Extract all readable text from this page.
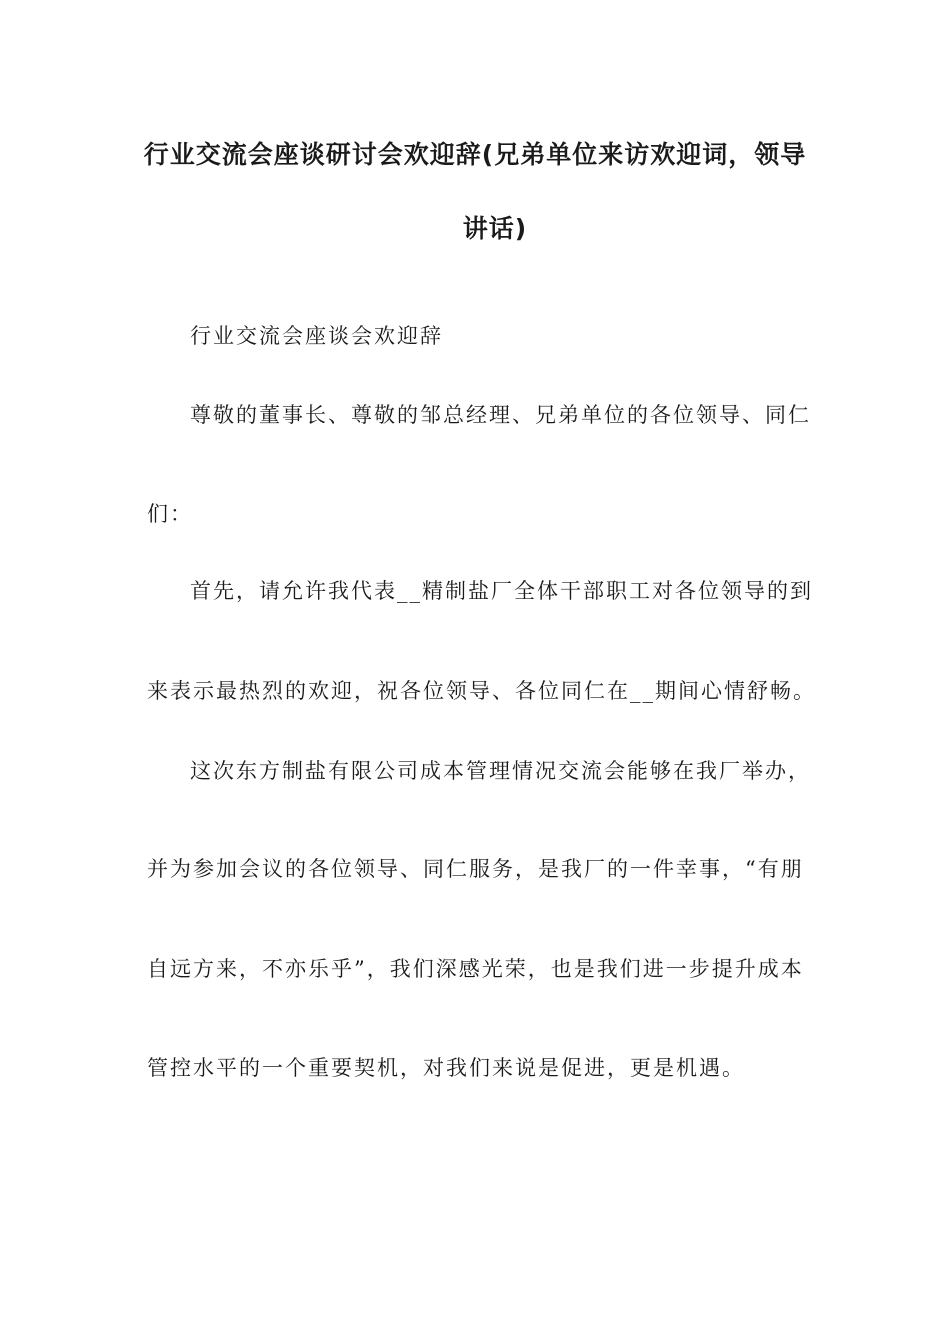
行业交流会座谈研讨会欢迎辞(兄弟单位来访欢迎词，领导
讲话)
行业交流会座谈会欢迎辞
尊敬的董事长、尊敬的邹总经理、兄弟单位的各位领导、同仁
们：
首先，请允许我代表__精制盐厂全体干部职工对各位领导的到
来表示最热烈的欢迎，祝各位领导、各位同仁在__期间心情舒畅。
这次东方制盐有限公司成本管理情况交流会能够在我厂举办，
并为参加会议的各位领导、同仁服务，是我厂的一件幸事，“有朋
自远方来，不亦乐乎”，我们深感光荣，也是我们进一步提升成本
管控水平的一个重要契机，对我们来说是促进，更是机遇。
